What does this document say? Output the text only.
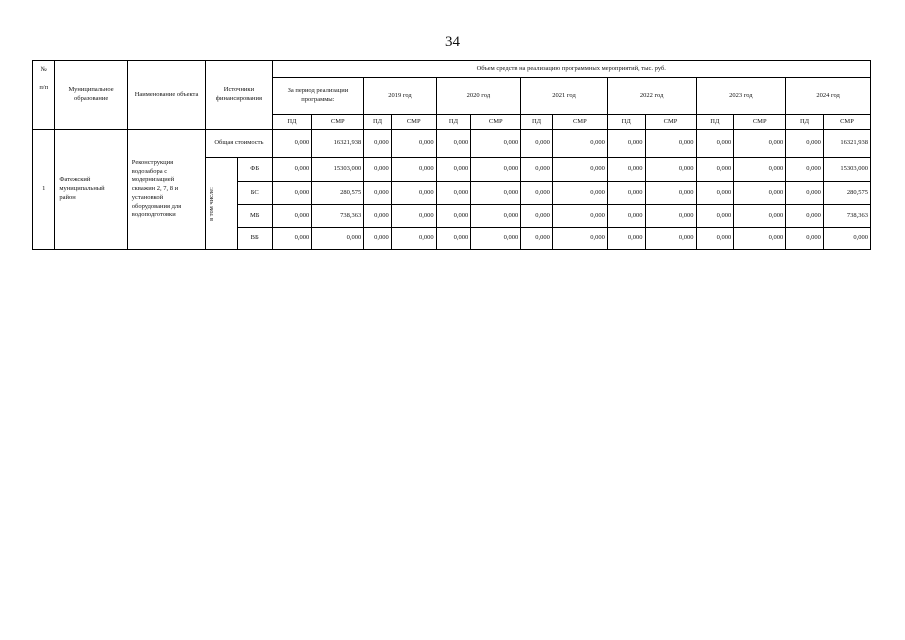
34
№

п/п	Муниципальное образование	Наименование объекта	Источники финансирования		Объем средств на реализацию программных мероприятий, тыс. руб.													
					За период реализации программы:		2019 год		2020 год		2021 год		2022 год		2023 год		2024 год	
					ПД	СМР	ПД	СМР	ПД	СМР	ПД	СМР	ПД	СМР	ПД	СМР	ПД	СМР
1	Фатежский муниципальный район	Реконструкция водозабора с модернизацией скважин 2, 7, 8 и установкой оборудования для водоподготовки	Общая стоимость		0,000	16321,938	0,000	0,000	0,000	0,000	0,000	0,000	0,000	0,000	0,000	0,000	0,000	16321,938

			в том числе:	ФБ	0,000	15303,000	0,000	0,000	0,000	0,000	0,000	0,000	0,000	0,000	0,000	0,000	0,000	15303,000
				БС	0,000	280,575	0,000	0,000	0,000	0,000	0,000	0,000	0,000	0,000	0,000	0,000	0,000	280,575
				МБ	0,000	738,363	0,000	0,000	0,000	0,000	0,000	0,000	0,000	0,000	0,000	0,000	0,000	738,363
				ВБ	0,000	0,000	0,000	0,000	0,000	0,000	0,000	0,000	0,000	0,000	0,000	0,000	0,000	0,000
